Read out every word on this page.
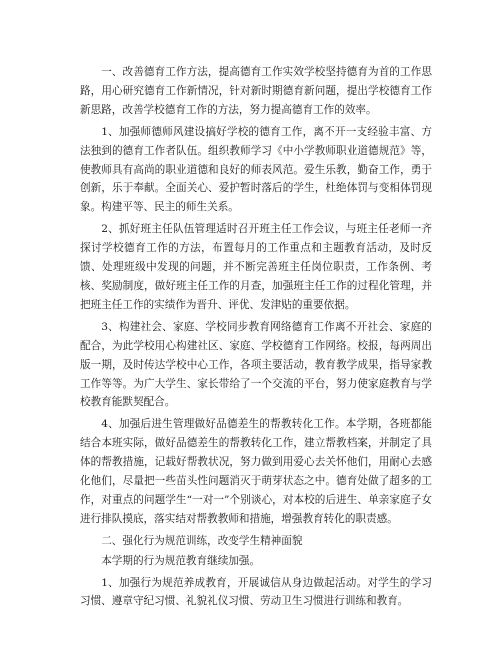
一、改善德育工作方法，提高德育工作实效学校坚持德育为首的工作思路，用心研究德育工作新情况，针对新时期德育新问题，提出学校德育工作新思路，改善学校德育工作的方法，努力提高德育工作的效率。

1、加强师德师风建设搞好学校的德育工作，离不开一支经验丰富、方法独到的德育工作者队伍。组织教师学习《中小学教师职业道德规范》等，使教师具有高尚的职业道德和良好的师表风范。爱生乐教，勤奋工作，勇于创新，乐于奉献。全面关心、爱护暂时落后的学生，杜绝体罚与变相体罚现象。构建平等、民主的师生关系。

2、抓好班主任队伍管理适时召开班主任工作会议，与班主任老师一齐探讨学校德育工作的方法，布置每月的工作重点和主题教育活动，及时反馈、处理班级中发现的问题，并不断完善班主任岗位职责，工作条例、考核、奖励制度，做好班主任工作的月查，加强班主任工作的过程化管理，并把班主任工作的实绩作为晋升、评优、发津贴的重要依据。

3、构建社会、家庭、学校同步教育网络德育工作离不开社会、家庭的配合，为此学校用心构建社区、家庭、学校德育工作网络。校报，每两周出版一期，及时传达学校中心工作，各项主要活动，教育教学成果，指导家教工作等等。为广大学生、家长带给了一个交流的平台，努力使家庭教育与学校教育能默契配合。

4、加强后进生管理做好品德差生的帮教转化工作。本学期，各班都能结合本班实际，做好品德差生的帮教转化工作，建立帮教档案，并制定了具体的帮教措施，记载好帮教状况，努力做到用爱心去关怀他们，用耐心去感化他们，尽量把一些苗头性问题消灭于萌芽状态之中。德育处做了超多的工作，对重点的问题学生“一对一”个别谈心，对本校的后进生、单亲家庭子女进行排队摸底，落实结对帮教教师和措施，增强教育转化的职责感。

二、强化行为规范训练，改变学生精神面貌

本学期的行为规范教育继续加强。

1、加强行为规范养成教育，开展诚信从身边做起活动。对学生的学习习惯、遵章守纪习惯、礼貌礼仪习惯、劳动卫生习惯进行训练和教育。
